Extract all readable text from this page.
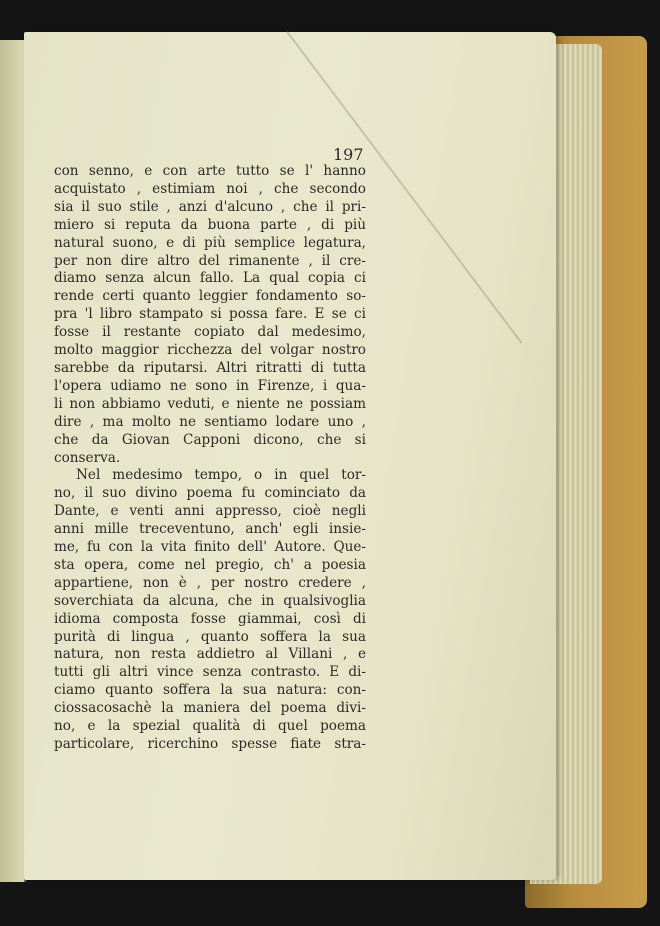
197
con senno, e con arte tutto se l' hanno
acquistato , estimiam noi , che secondo
sia il suo stile , anzi d'alcuno , che il pri-
miero si reputa da buona parte , di più
natural suono, e di più semplice legatura,
per non dire altro del rimanente , il cre-
diamo senza alcun fallo. La qual copia ci
rende certi quanto leggier fondamento so-
pra 'l libro stampato si possa fare. E se ci
fosse il restante copiato dal medesimo,
molto maggior ricchezza del volgar nostro
sarebbe da riputarsi. Altri ritratti di tutta
l'opera udiamo ne sono in Firenze, i qua-
li non abbiamo veduti, e niente ne possiam
dire , ma molto ne sentiamo lodare uno ,
che da Giovan Capponi dicono, che si
conserva.
Nel medesimo tempo, o in quel tor-
no, il suo divino poema fu cominciato da
Dante, e venti anni appresso, cioè negli
anni mille treceventuno, anch' egli insie-
me, fu con la vita finito dell' Autore. Que-
sta opera, come nel pregio, ch' a poesia
appartiene, non è , per nostro credere ,
soverchiata da alcuna, che in qualsivoglia
idioma composta fosse giammai, così di
purità di lingua , quanto soffera la sua
natura, non resta addietro al Villani , e
tutti gli altri vince senza contrasto. E di-
ciamo quanto soffera la sua natura: con-
ciossacosachè la maniera del poema divi-
no, e la spezial qualità di quel poema
particolare, ricerchino spesse fiate stra-
